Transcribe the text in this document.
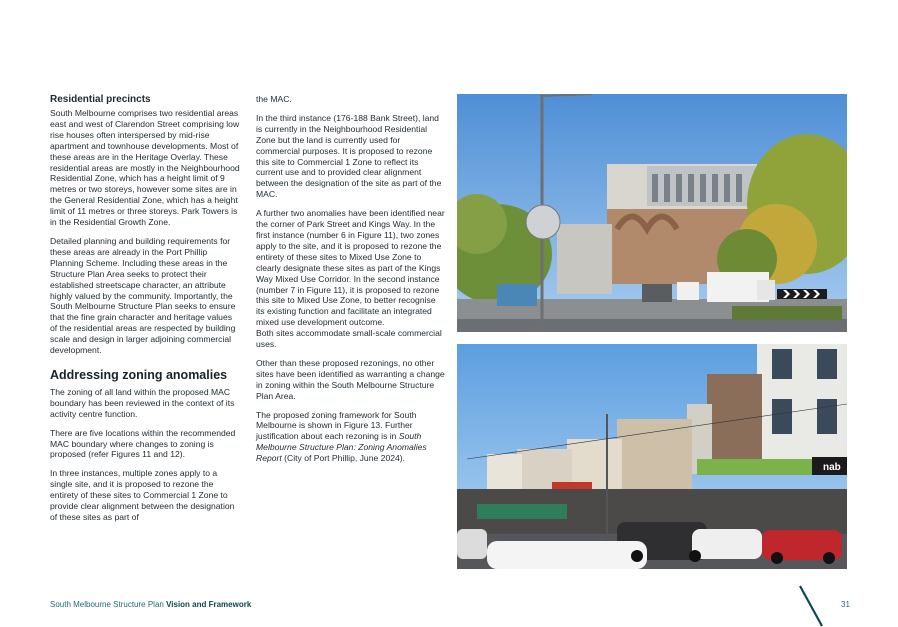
Residential precincts

South Melbourne comprises two residential areas east and west of Clarendon Street comprising low rise houses often interspersed by mid-rise apartment and townhouse developments. Most of these areas are in the Heritage Overlay. These residential areas are mostly in the Neighbourhood Residential Zone, which has a height limit of 9 metres or two storeys, however some sites are in the General Residential Zone, which has a height limit of 11 metres or three storeys. Park Towers is in the Residential Growth Zone.

Detailed planning and building requirements for these areas are already in the Port Phillip Planning Scheme. Including these areas in the Structure Plan Area seeks to protect their established streetscape character, an attribute highly valued by the community. Importantly, the South Melbourne Structure Plan seeks to ensure that the fine grain character and heritage values of the residential areas are respected by building scale and design in larger adjoining commercial development.

Addressing zoning anomalies

The zoning of all land within the proposed MAC boundary has been reviewed in the context of its activity centre function.

There are five locations within the recommended MAC boundary where changes to zoning is proposed (refer Figures 11 and 12).

In three instances, multiple zones apply to a single site, and it is proposed to rezone the entirety of these sites to Commercial 1 Zone to provide clear alignment between the designation of these sites as part of

the MAC.

In the third instance (176-188 Bank Street), land is currently in the Neighbourhood Residential Zone but the land is currently used for commercial purposes. It is proposed to rezone this site to Commercial 1 Zone to reflect its current use and to provided clear alignment between the designation of the site as part of the MAC.

A further two anomalies have been identified near the corner of Park Street and Kings Way. In the first instance (number 6 in Figure 11), two zones apply to the site, and it is proposed to rezone the entirety of these sites to Mixed Use Zone to clearly designate these sites as part of the Kings Way Mixed Use Corridor. In the second instance (number 7 in Figure 11), it is proposed to rezone this site to Mixed Use Zone, to better recognise its existing function and facilitate an integrated mixed use development outcome.

Both sites accommodate small-scale commercial uses.

Other than these proposed rezonings, no other sites have been identified as warranting a change in zoning within the South Melbourne Structure Plan Area.

The proposed zoning framework for South Melbourne is shown in Figure 13. Further justification about each rezoning is in South Melbourne Structure Plan: Zoning Anomalies Report (City of Port Phillip, June 2024).

nab
South Melbourne Structure Plan Vision and Framework	31
